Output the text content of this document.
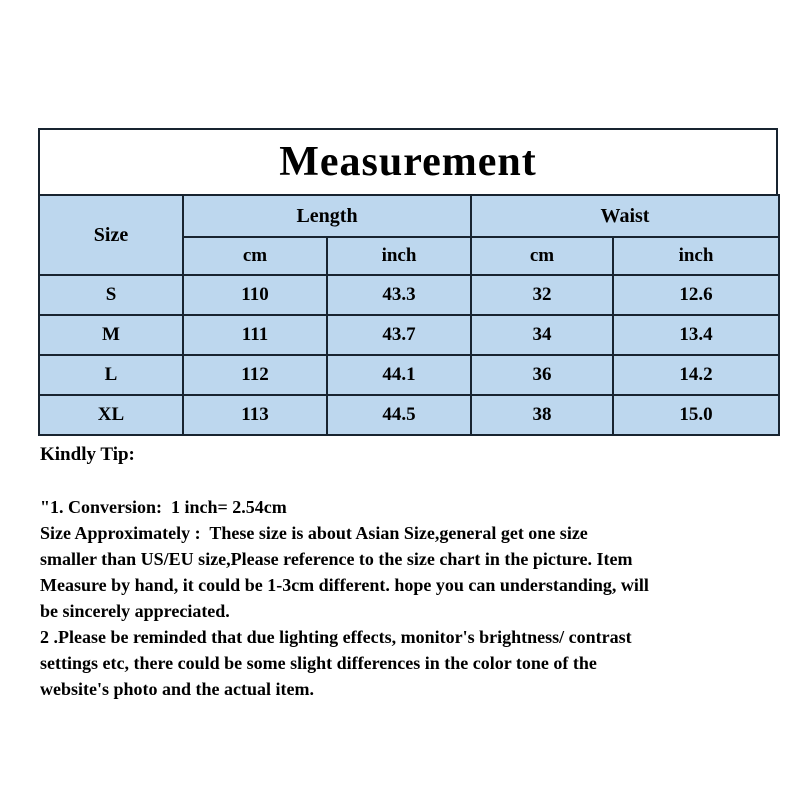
Measurement
Size	Length		Waist	
	cm	inch	cm	inch
S	110	43.3	32	12.6
M	111	43.7	34	13.4
L	112	44.1	36	14.2
XL	113	44.5	38	15.0
Kindly Tip:
"1. Conversion:  1 inch= 2.54cm
Size Approximately :  These size is about Asian Size,general get one size
smaller than US/EU size,Please reference to the size chart in the picture. Item
Measure by hand, it could be 1-3cm different. hope you can understanding, will
be sincerely appreciated.
2 .Please be reminded that due lighting effects, monitor's brightness/ contrast
settings etc, there could be some slight differences in the color tone of the
website's photo and the actual item.
